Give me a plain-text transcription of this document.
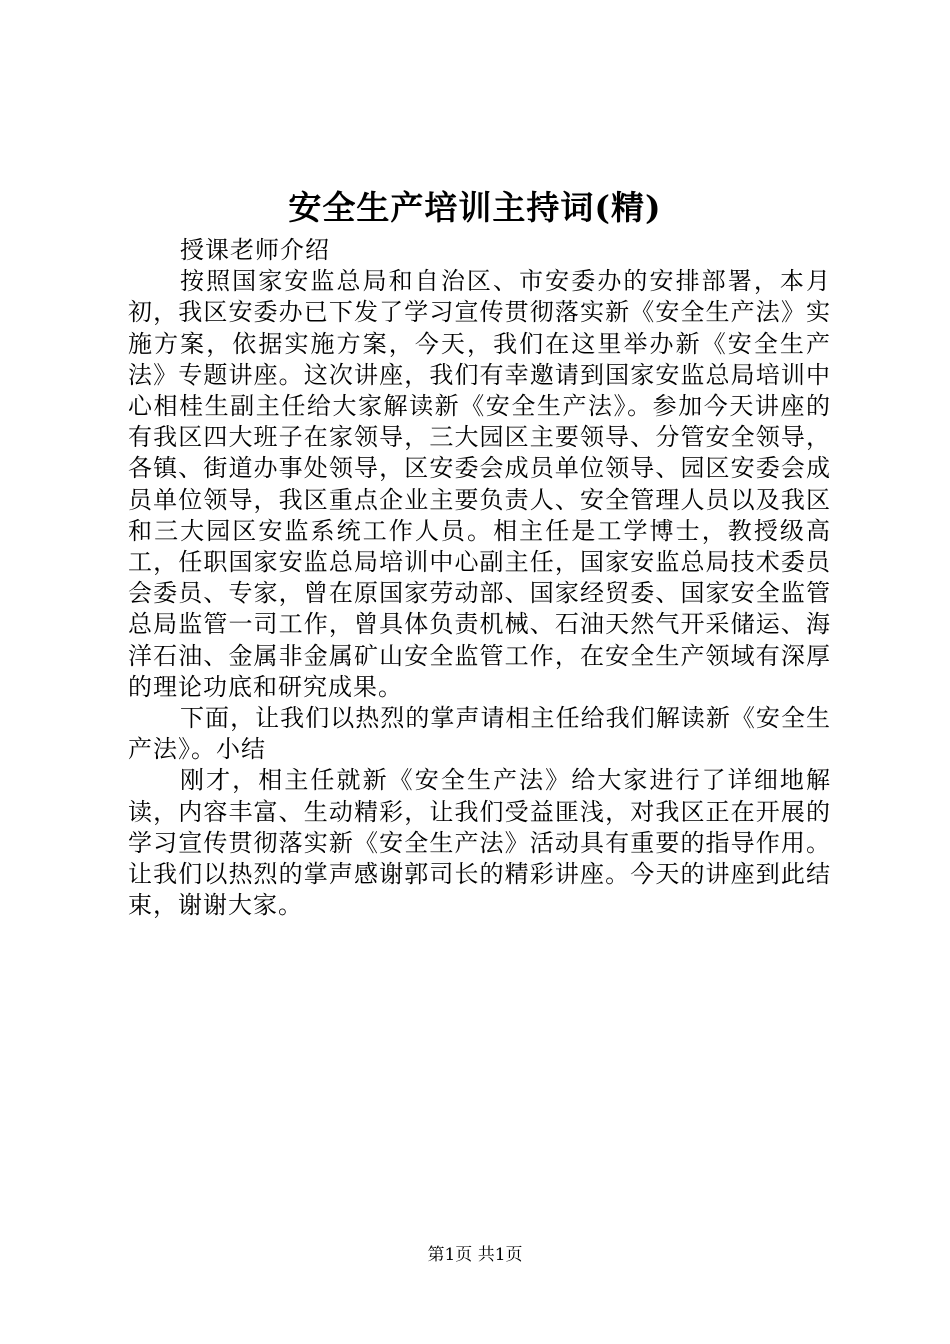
安全生产培训主持词(精)

授课老师介绍

按照国家安监总局和自治区、市安委办的安排部署，本月初，我区安委办已下发了学习宣传贯彻落实新《安全生产法》实施方案，依据实施方案，今天，我们在这里举办新《安全生产法》专题讲座。这次讲座，我们有幸邀请到国家安监总局培训中心相桂生副主任给大家解读新《安全生产法》。参加今天讲座的有我区四大班子在家领导，三大园区主要领导、分管安全领导，各镇、街道办事处领导，区安委会成员单位领导、园区安委会成员单位领导，我区重点企业主要负责人、安全管理人员以及我区和三大园区安监系统工作人员。相主任是工学博士，教授级高工，任职国家安监总局培训中心副主任，国家安监总局技术委员会委员、专家，曾在原国家劳动部、国家经贸委、国家安全监管总局监管一司工作，曾具体负责机械、石油天然气开采储运、海洋石油、金属非金属矿山安全监管工作，在安全生产领域有深厚的理论功底和研究成果。

下面，让我们以热烈的掌声请相主任给我们解读新《安全生产法》。小结

刚才，相主任就新《安全生产法》给大家进行了详细地解读，内容丰富、生动精彩，让我们受益匪浅，对我区正在开展的学习宣传贯彻落实新《安全生产法》活动具有重要的指导作用。让我们以热烈的掌声感谢郭司长的精彩讲座。今天的讲座到此结束，谢谢大家。

第1页 共1页
